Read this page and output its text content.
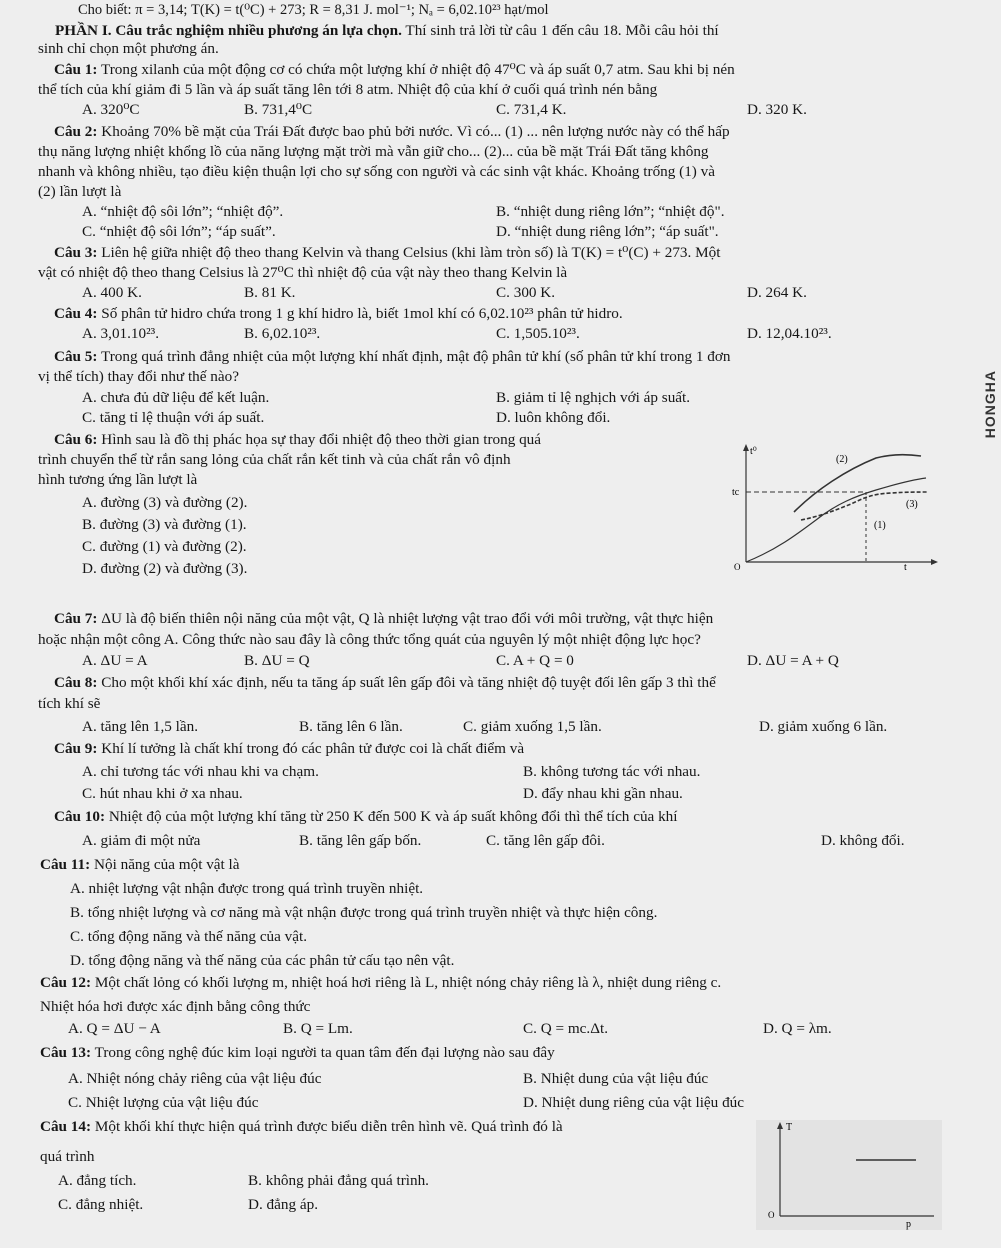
HONGHA
Cho biết: π = 3,14; T(K) = t(⁰C) + 273; R = 8,31 J. mol⁻¹; Nₐ = 6,02.10²³ hạt/mol
PHẦN I. Câu trắc nghiệm nhiều phương án lựa chọn. Thí sinh trả lời từ câu 1 đến câu 18. Mỗi câu hỏi thí
sinh chỉ chọn một phương án.
Câu 1: Trong xilanh của một động cơ có chứa một lượng khí ở nhiệt độ 47⁰C và áp suất 0,7 atm. Sau khi bị nén
thể tích của khí giảm đi 5 lần và áp suất tăng lên tới 8 atm. Nhiệt độ của khí ở cuối quá trình nén bằng
A. 320⁰C	B. 731,4⁰C	C. 731,4 K.	D. 320 K.
Câu 2: Khoảng 70% bề mặt của Trái Đất được bao phủ bởi nước. Vì có... (1) ... nên lượng nước này có thể hấp
thụ năng lượng nhiệt khổng lồ của năng lượng mặt trời mà vẫn giữ cho... (2)... của bề mặt Trái Đất tăng không
nhanh và không nhiều, tạo điều kiện thuận lợi cho sự sống con người và các sinh vật khác. Khoảng trống (1) và
(2) lần lượt là
A. “nhiệt độ sôi lớn”; “nhiệt độ”.	B. “nhiệt dung riêng lớn”; “nhiệt độ".
C. “nhiệt độ sôi lớn”; “áp suất”.	D. “nhiệt dung riêng lớn”; “áp suất".
Câu 3: Liên hệ giữa nhiệt độ theo thang Kelvin và thang Celsius (khi làm tròn số) là T(K) = t⁰(C) + 273. Một
vật có nhiệt độ theo thang Celsius là 27⁰C thì nhiệt độ của vật này theo thang Kelvin là
A. 400 K.	B. 81 K.	C. 300 K.	D. 264 K.
Câu 4: Số phân tử hidro chứa trong 1 g khí hidro là, biết 1mol khí có 6,02.10²³ phân tử hidro.
A. 3,01.10²³.	B. 6,02.10²³.	C. 1,505.10²³.	D. 12,04.10²³.
Câu 5: Trong quá trình đẳng nhiệt của một lượng khí nhất định, mật độ phân tử khí (số phân tử khí trong 1 đơn
vị thể tích) thay đổi như thế nào?
A. chưa đủ dữ liệu để kết luận.	B. giảm tỉ lệ nghịch với áp suất.
C. tăng tỉ lệ thuận với áp suất.	D. luôn không đổi.
Câu 6: Hình sau là đồ thị phác họa sự thay đổi nhiệt độ theo thời gian trong quá
trình chuyển thể từ rắn sang lỏng của chất rắn kết tinh và của chất rắn vô định
hình tương ứng lần lượt là
A. đường (3) và đường (2).
B. đường (3) và đường (1).
C. đường (1) và đường (2).
D. đường (2) và đường (3).
t⁰
tc
t
O
(2)
(3)
(1)
Câu 7: ΔU là độ biến thiên nội năng của một vật, Q là nhiệt lượng vật trao đổi với môi trường, vật thực hiện
hoặc nhận một công A. Công thức nào sau đây là công thức tổng quát của nguyên lý một nhiệt động lực học?
A. ΔU = A	B. ΔU = Q	C. A + Q = 0	D. ΔU = A + Q
Câu 8: Cho một khối khí xác định, nếu ta tăng áp suất lên gấp đôi và tăng nhiệt độ tuyệt đối lên gấp 3 thì thể
tích khí sẽ
A. tăng lên 1,5 lần.	B. tăng lên 6 lần.	C. giảm xuống 1,5 lần.	D. giảm xuống 6 lần.
Câu 9: Khí lí tưởng là chất khí trong đó các phân tử được coi là chất điểm và
A. chỉ tương tác với nhau khi va chạm.	B. không tương tác với nhau.
C. hút nhau khi ở xa nhau.	D. đẩy nhau khi gần nhau.
Câu 10: Nhiệt độ của một lượng khí tăng từ 250 K đến 500 K và áp suất không đổi thì thể tích của khí
A. giảm đi một nửa	B. tăng lên gấp bốn.	C. tăng lên gấp đôi.	D. không đổi.
Câu 11: Nội năng của một vật là
A. nhiệt lượng vật nhận được trong quá trình truyền nhiệt.
B. tổng nhiệt lượng và cơ năng mà vật nhận được trong quá trình truyền nhiệt và thực hiện công.
C. tổng động năng và thế năng của vật.
D. tổng động năng và thế năng của các phân tử cấu tạo nên vật.
Câu 12: Một chất lỏng có khối lượng m, nhiệt hoá hơi riêng là L, nhiệt nóng chảy riêng là λ, nhiệt dung riêng c.
Nhiệt hóa hơi được xác định bằng công thức
A. Q = ΔU − A	B. Q = Lm.	C. Q = mc.Δt.	D. Q = λm.
Câu 13: Trong công nghệ đúc kim loại người ta quan tâm đến đại lượng nào sau đây
A. Nhiệt nóng chảy riêng của vật liệu đúc	B. Nhiệt dung của vật liệu đúc
C. Nhiệt lượng của vật liệu đúc	D. Nhiệt dung riêng của vật liệu đúc
Câu 14: Một khối khí thực hiện quá trình được biểu diễn trên hình vẽ. Quá trình đó là
quá trình
A. đẳng tích.	B. không phải đẳng quá trình.
C. đẳng nhiệt.	D. đẳng áp.
T
O
p
